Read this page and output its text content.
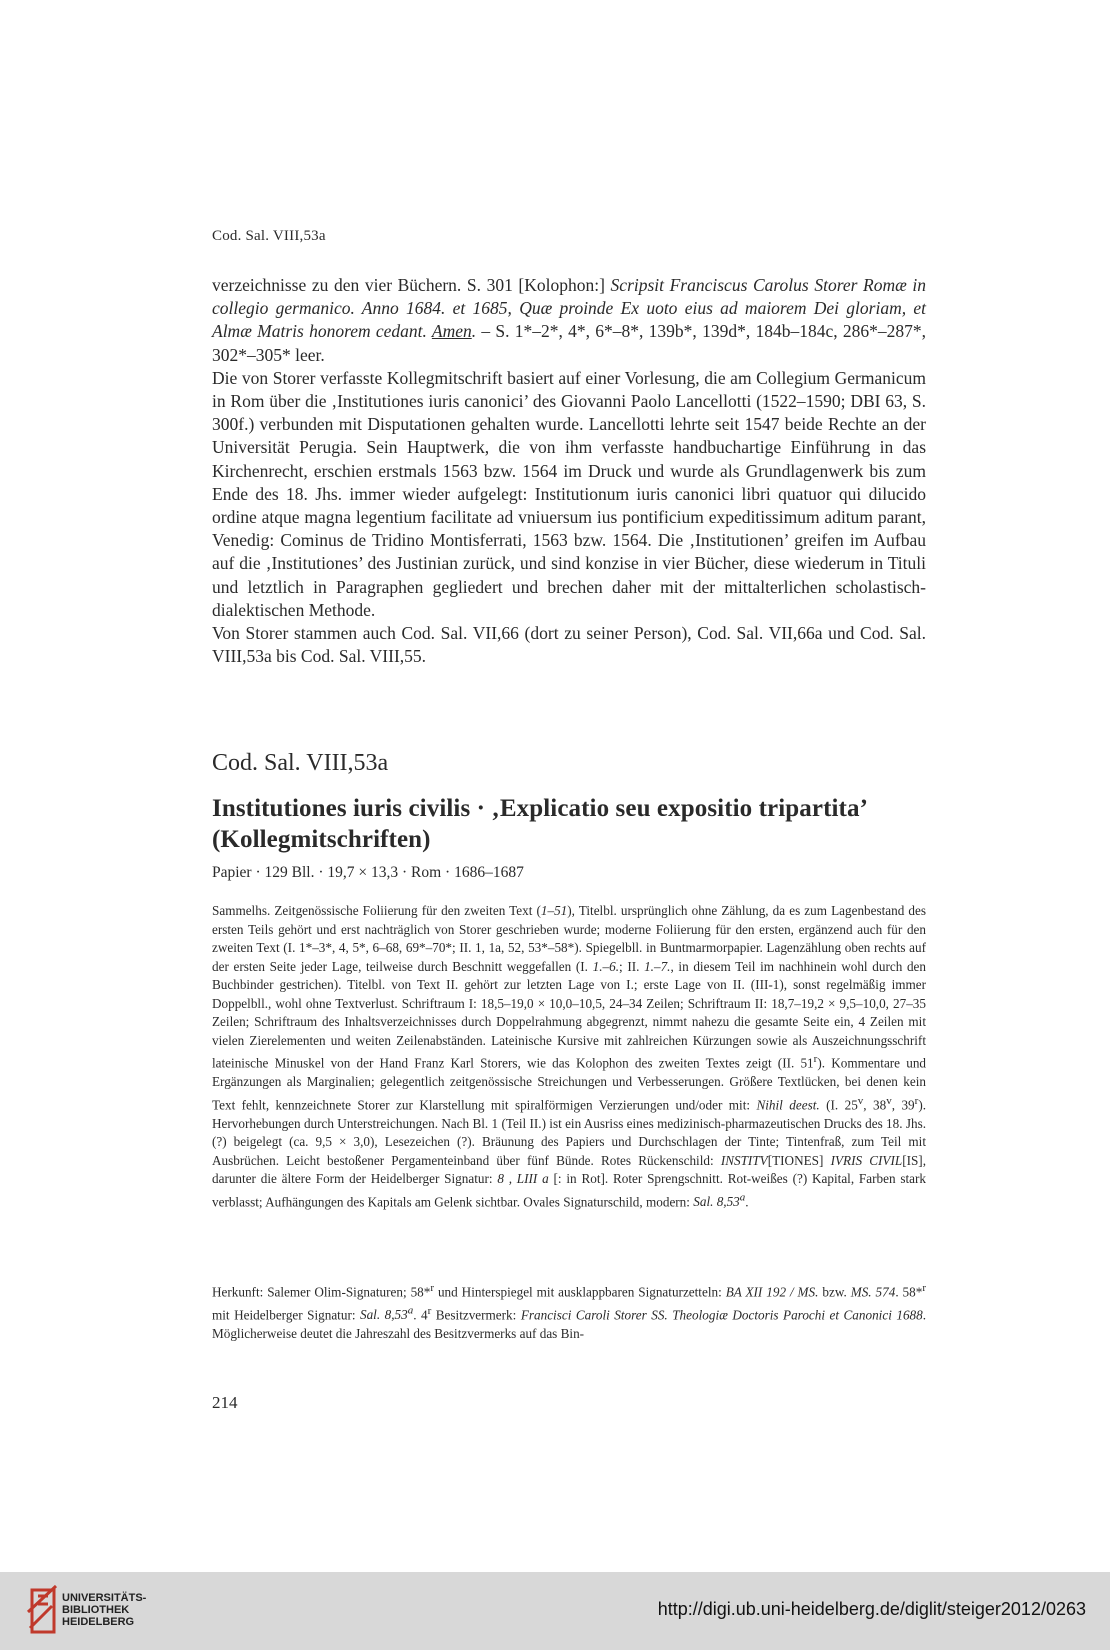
Cod. Sal. VIII,53a

verzeichnisse zu den vier Büchern. S. 301 [Kolophon:] Scripsit Franciscus Carolus Storer Romæ in collegio germanico. Anno 1684. et 1685, Quæ proinde Ex uoto eius ad maiorem Dei gloriam, et Almæ Matris honorem cedant. Amen. – S. 1*–2*, 4*, 6*–8*, 139b*, 139d*, 184b–184c, 286*–287*, 302*–305* leer.

Die von Storer verfasste Kollegmitschrift basiert auf einer Vorlesung, die am Collegium Germanicum in Rom über die ‚Institutiones iuris canonici’ des Giovanni Paolo Lancellotti (1522–1590; DBI 63, S. 300f.) verbunden mit Disputationen gehalten wurde. Lancellotti lehrte seit 1547 beide Rechte an der Universität Perugia. Sein Hauptwerk, die von ihm verfasste handbuchartige Einführung in das Kirchenrecht, erschien erstmals 1563 bzw. 1564 im Druck und wurde als Grundlagenwerk bis zum Ende des 18. Jhs. immer wieder aufgelegt: Institutionum iuris canonici libri quatuor qui dilucido ordine atque magna legentium facilitate ad vniuersum ius pontificium expeditissimum aditum parant, Venedig: Cominus de Tridino Montisferrati, 1563 bzw. 1564. Die ‚Institutionen’ greifen im Aufbau auf die ‚Institutiones’ des Justinian zurück, und sind konzise in vier Bücher, diese wiederum in Tituli und letztlich in Paragraphen gegliedert und brechen daher mit der mittalterlichen scholastisch-dialektischen Methode.

Von Storer stammen auch Cod. Sal. VII,66 (dort zu seiner Person), Cod. Sal. VII,66a und Cod. Sal. VIII,53a bis Cod. Sal. VIII,55.

Cod. Sal. VIII,53a
Institutiones iuris civilis · ‚Explicatio seu expositio tripartita’ (Kollegmitschriften)
Papier · 129 Bll. · 19,7 × 13,3 · Rom · 1686–1687

Sammelhs. Zeitgenössische Foliierung für den zweiten Text (1–51), Titelbl. ursprünglich ohne Zählung, da es zum Lagenbestand des ersten Teils gehört und erst nachträglich von Storer geschrieben wurde; moderne Foliierung für den ersten, ergänzend auch für den zweiten Text (I. 1*–3*, 4, 5*, 6–68, 69*–70*; II. 1, 1a, 52, 53*–58*). Spiegelbll. in Buntmarmorpapier. Lagenzählung oben rechts auf der ersten Seite jeder Lage, teilweise durch Beschnitt weggefallen (I. 1.–6.; II. 1.–7., in diesem Teil im nachhinein wohl durch den Buchbinder gestrichen). Titelbl. von Text II. gehört zur letzten Lage von I.; erste Lage von II. (III-1), sonst regelmäßig immer Doppelbll., wohl ohne Textverlust. Schriftraum I: 18,5–19,0 × 10,0–10,5, 24–34 Zeilen; Schriftraum II: 18,7–19,2 × 9,5–10,0, 27–35 Zeilen; Schriftraum des Inhaltsverzeichnisses durch Doppelrahmung abgegrenzt, nimmt nahezu die gesamte Seite ein, 4 Zeilen mit vielen Zierelementen und weiten Zeilenabständen. Lateinische Kursive mit zahlreichen Kürzungen sowie als Auszeichnungsschrift lateinische Minuskel von der Hand Franz Karl Storers, wie das Kolophon des zweiten Textes zeigt (II. 51$^r$). Kommentare und Ergänzungen als Marginalien; gelegentlich zeitgenössische Streichungen und Verbesserungen. Größere Textlücken, bei denen kein Text fehlt, kennzeichnete Storer zur Klarstellung mit spiralförmigen Verzierungen und/oder mit: Nihil deest. (I. 25$^v$, 38$^v$, 39$^r$). Hervorhebungen durch Unterstreichungen. Nach Bl. 1 (Teil II.) ist ein Ausriss eines medizinisch-pharmazeutischen Drucks des 18. Jhs. (?) beigelegt (ca. 9,5 × 3,0), Lesezeichen (?). Bräunung des Papiers und Durchschlagen der Tinte; Tintenfraß, zum Teil mit Ausbrüchen. Leicht bestoßener Pergamenteinband über fünf Bünde. Rotes Rückenschild: INSTITV[TIONES] IVRIS CIVIL[IS], darunter die ältere Form der Heidelberger Signatur: 8 , LIII a [: in Rot]. Roter Sprengschnitt. Rot-weißes (?) Kapital, Farben stark verblasst; Aufhängungen des Kapitals am Gelenk sichtbar. Ovales Signaturschild, modern: Sal. 8,53$^a$.

Herkunft: Salemer Olim-Signaturen; 58*$^r$ und Hinterspiegel mit ausklappbaren Signaturzetteln: BA XII 192 / MS. bzw. MS. 574. 58*$^r$ mit Heidelberger Signatur: Sal. 8,53$^a$. 4$^r$ Besitzvermerk: Francisci Caroli Storer SS. Theologiæ Doctoris Parochi et Canonici 1688. Möglicherweise deutet die Jahreszahl des Besitzvermerks auf das Bin-

214
UNIVERSITÄTS-
BIBLIOTHEK
HEIDELBERG
http://digi.ub.uni-heidelberg.de/diglit/steiger2012/0263
